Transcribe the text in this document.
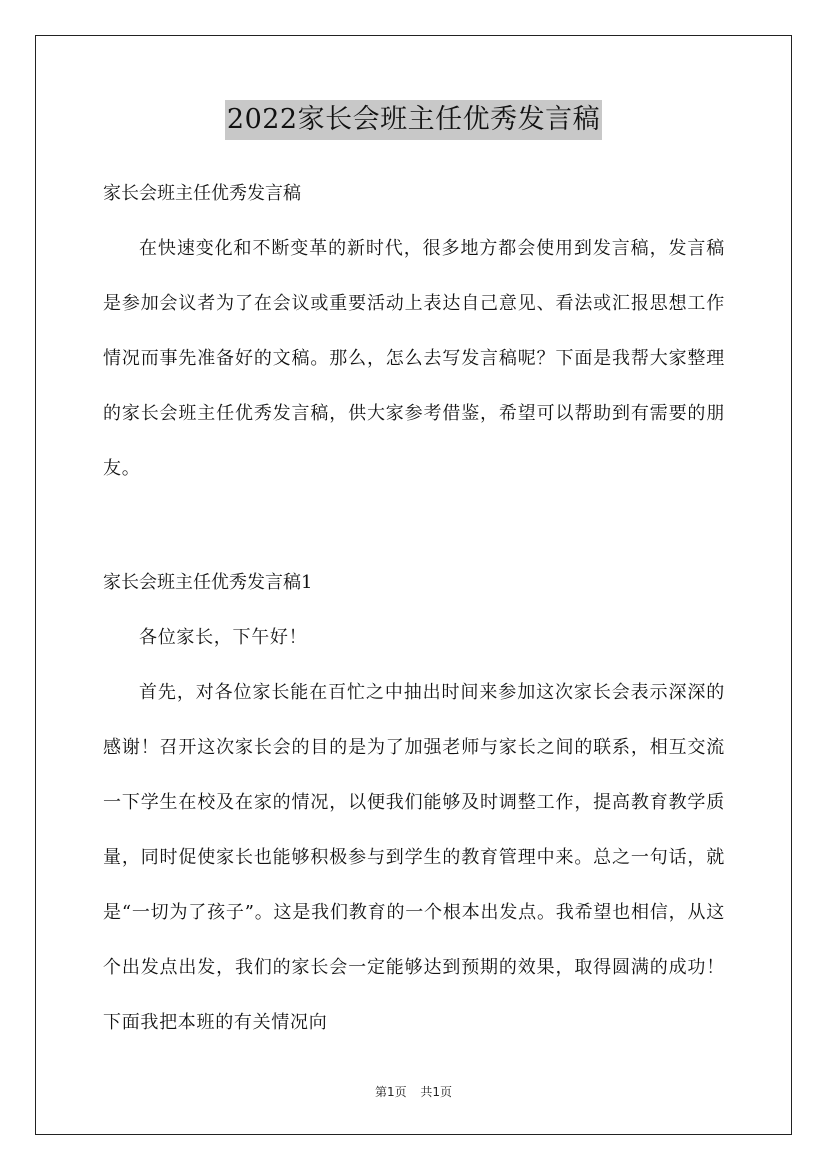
2022家长会班主任优秀发言稿

家长会班主任优秀发言稿

在快速变化和不断变革的新时代，很多地方都会使用到发言稿，发言稿是参加会议者为了在会议或重要活动上表达自己意见、看法或汇报思想工作情况而事先准备好的文稿。那么，怎么去写发言稿呢？下面是我帮大家整理的家长会班主任优秀发言稿，供大家参考借鉴，希望可以帮助到有需要的朋友。

家长会班主任优秀发言稿1

各位家长，下午好！

首先，对各位家长能在百忙之中抽出时间来参加这次家长会表示深深的感谢！召开这次家长会的目的是为了加强老师与家长之间的联系，相互交流一下学生在校及在家的情况，以便我们能够及时调整工作，提高教育教学质量，同时促使家长也能够积极参与到学生的教育管理中来。总之一句话，就是“一切为了孩子”。这是我们教育的一个根本出发点。我希望也相信，从这个出发点出发，我们的家长会一定能够达到预期的效果，取得圆满的成功！下面我把本班的有关情况向

第1页 共1页
